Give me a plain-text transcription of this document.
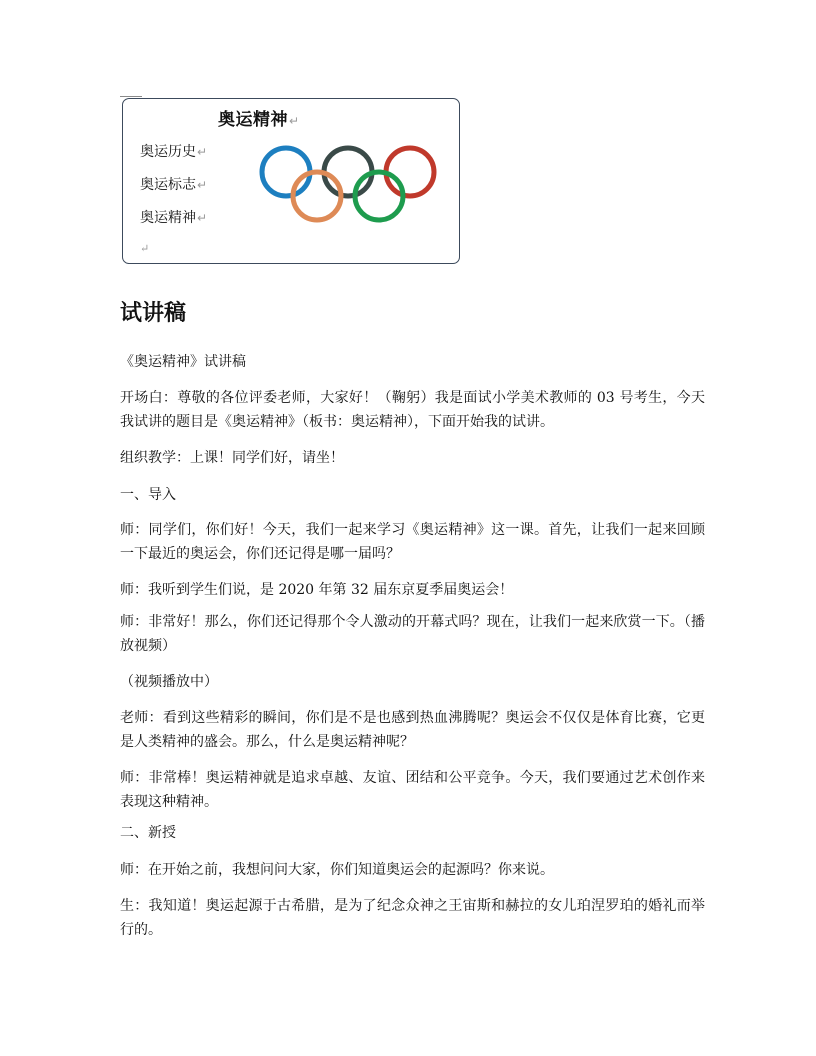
奥运精神↵
奥运历史↵
奥运标志↵
奥运精神↵
↵
试讲稿

《奥运精神》试讲稿

开场白：尊敬的各位评委老师，大家好！（鞠躬）我是面试小学美术教师的 03 号考生，今天我试讲的题目是《奥运精神》（板书：奥运精神），下面开始我的试讲。

组织教学：上课！同学们好，请坐！

一、导入

师：同学们，你们好！今天，我们一起来学习《奥运精神》这一课。首先，让我们一起来回顾一下最近的奥运会，你们还记得是哪一届吗？

师：我听到学生们说，是 2020 年第 32 届东京夏季届奥运会！

师：非常好！那么，你们还记得那个令人激动的开幕式吗？现在，让我们一起来欣赏一下。（播放视频）

（视频播放中）

老师：看到这些精彩的瞬间，你们是不是也感到热血沸腾呢？奥运会不仅仅是体育比赛，它更是人类精神的盛会。那么，什么是奥运精神呢？

师：非常棒！奥运精神就是追求卓越、友谊、团结和公平竞争。今天，我们要通过艺术创作来表现这种精神。

二、新授

师：在开始之前，我想问问大家，你们知道奥运会的起源吗？你来说。

生：我知道！奥运起源于古希腊，是为了纪念众神之王宙斯和赫拉的女儿珀涅罗珀的婚礼而举行的。
